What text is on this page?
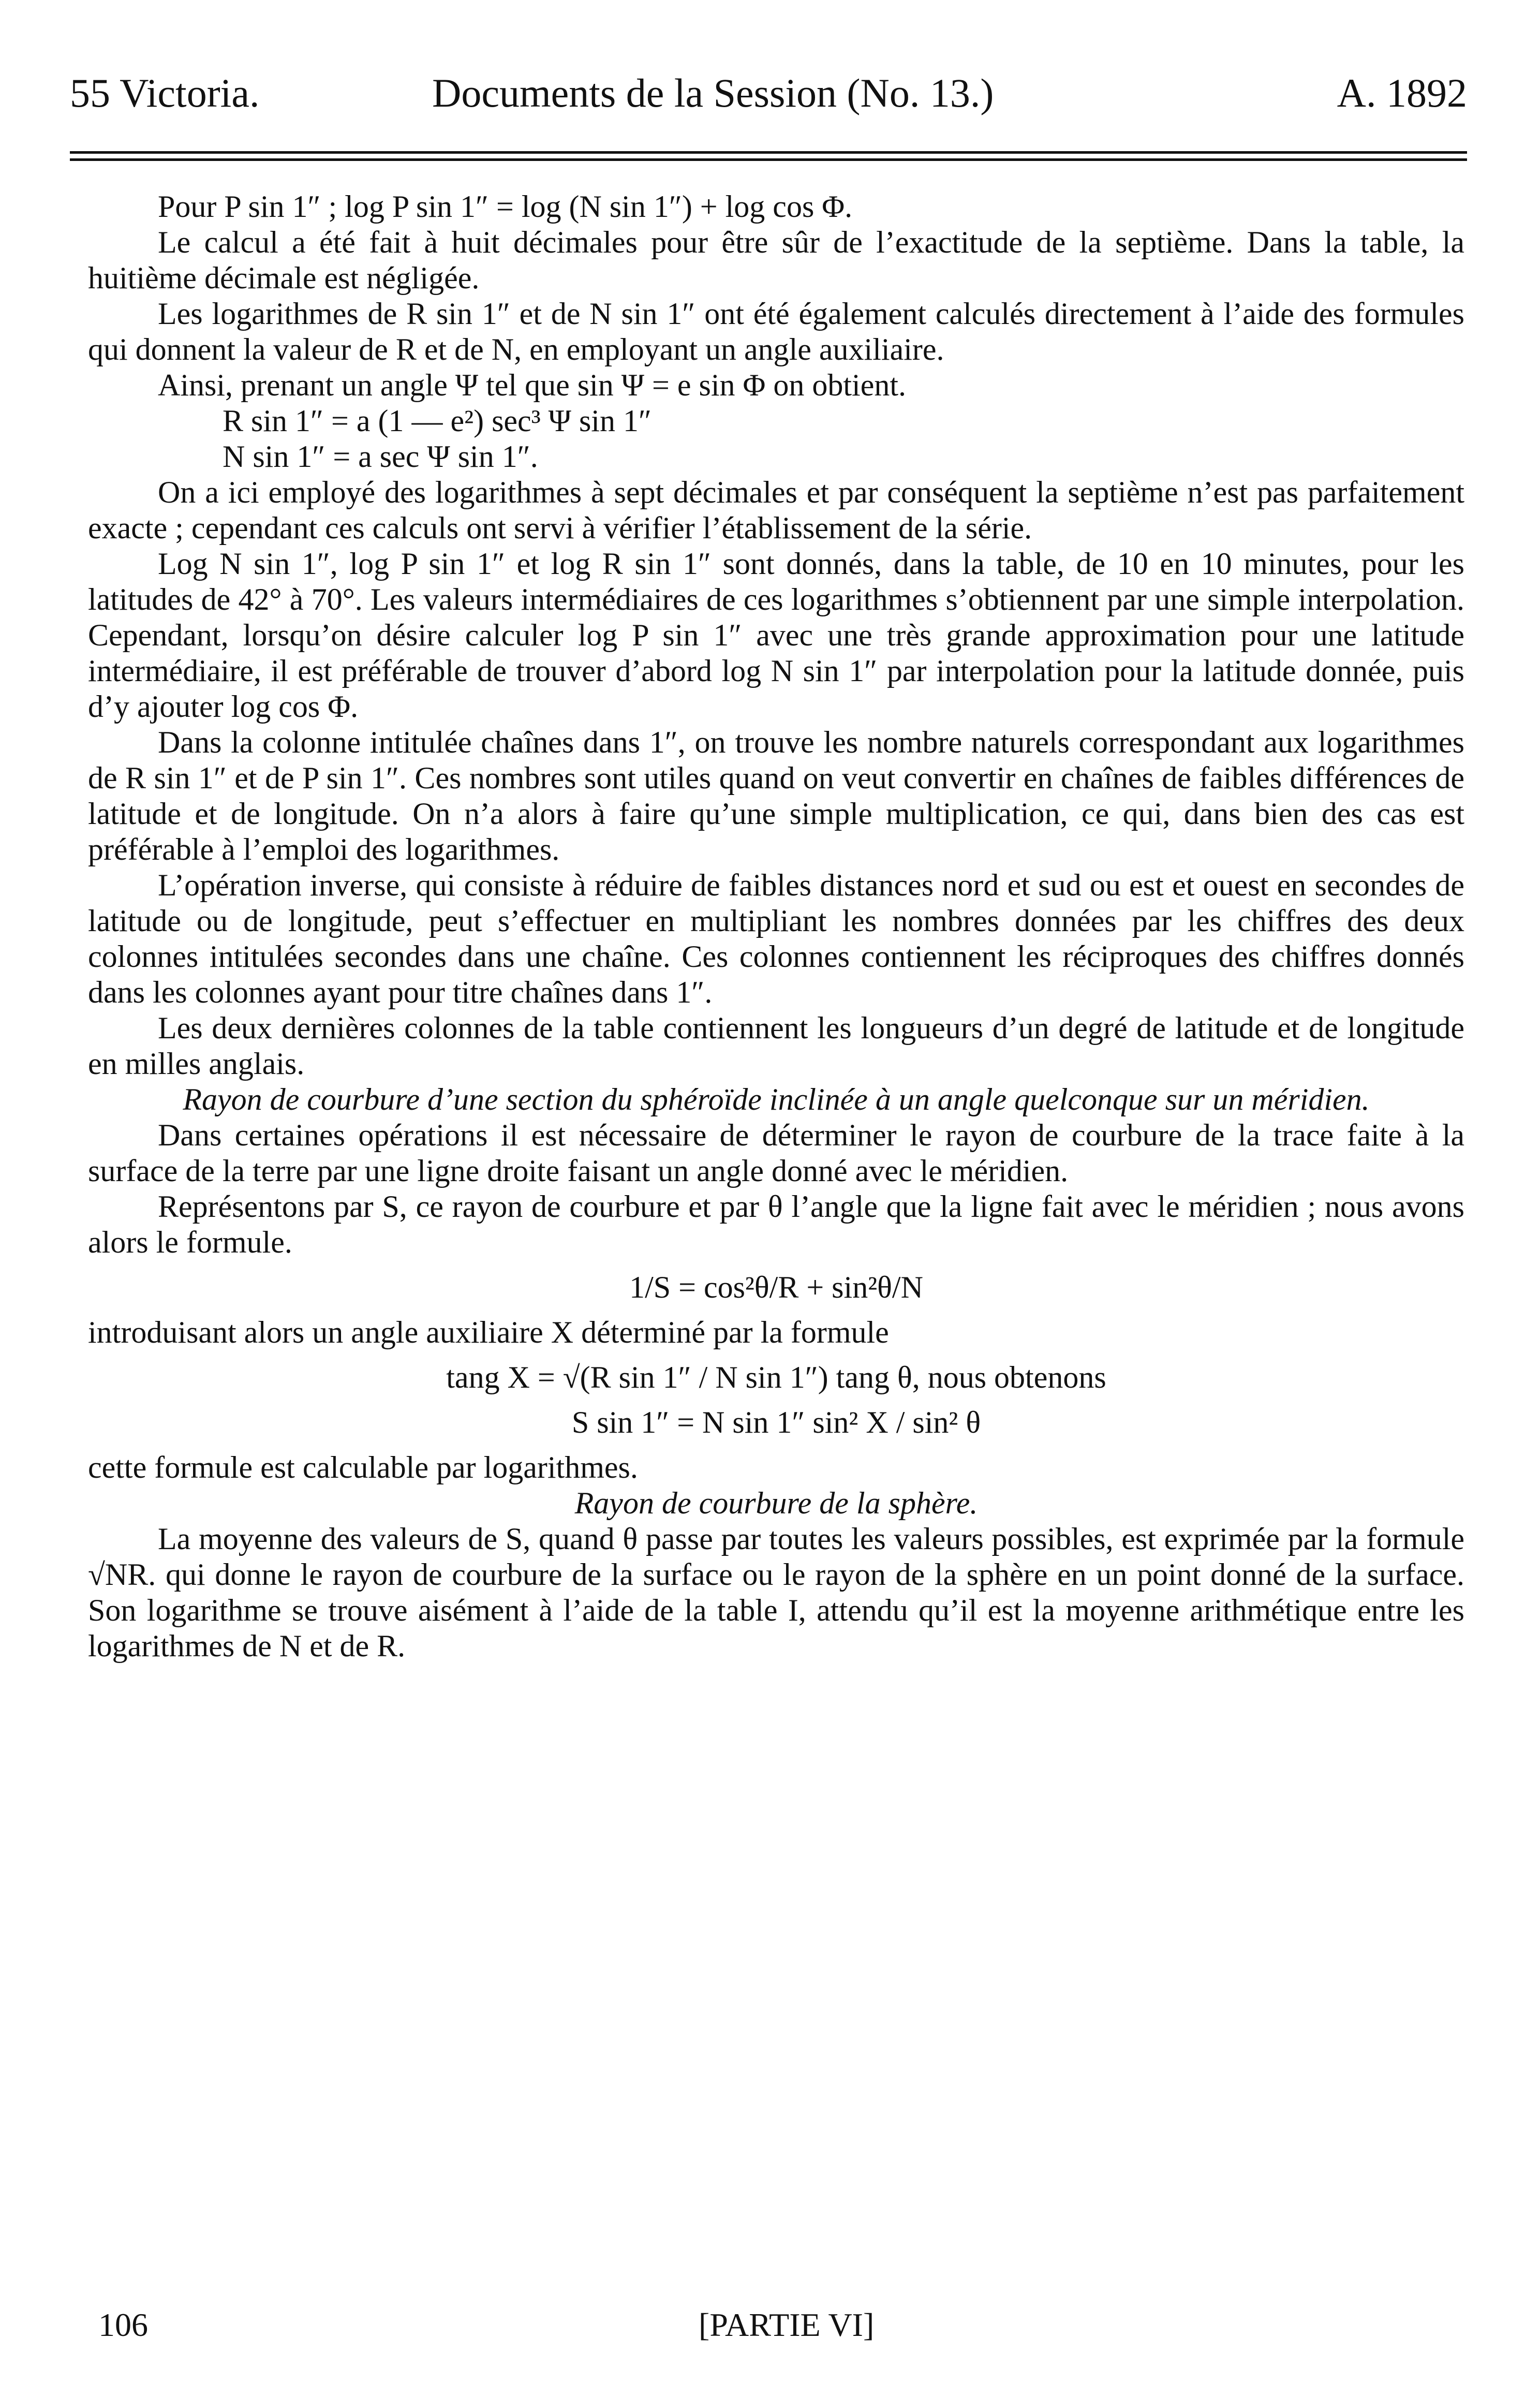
55 Victoria.	Documents de la Session (No. 13.)	A. 1892

Pour P sin 1″ ; log P sin 1″ = log (N sin 1″) + log cos Φ.

Le calcul a été fait à huit décimales pour être sûr de l’exactitude de la septième. Dans la table, la huitième décimale est négligée.

Les logarithmes de R sin 1″ et de N sin 1″ ont été également calculés directement à l’aide des formules qui donnent la valeur de R et de N, en employant un angle auxiliaire.

Ainsi, prenant un angle Ψ tel que sin Ψ = e sin Φ on obtient.

R sin 1″ = a (1 — e²) sec³ Ψ sin 1″

N sin 1″ = a sec Ψ sin 1″.

On a ici employé des logarithmes à sept décimales et par conséquent la septième n’est pas parfaitement exacte ; cependant ces calculs ont servi à vérifier l’établissement de la série.

Log N sin 1″, log P sin 1″ et log R sin 1″ sont donnés, dans la table, de 10 en 10 minutes, pour les latitudes de 42° à 70°. Les valeurs intermédiaires de ces logarithmes s’obtiennent par une simple interpolation. Cependant, lorsqu’on désire calculer log P sin 1″ avec une très grande approximation pour une latitude intermédiaire, il est préférable de trouver d’abord log N sin 1″ par interpolation pour la latitude donnée, puis d’y ajouter log cos Φ.

Dans la colonne intitulée chaînes dans 1″, on trouve les nombre naturels correspondant aux logarithmes de R sin 1″ et de P sin 1″. Ces nombres sont utiles quand on veut convertir en chaînes de faibles différences de latitude et de longitude. On n’a alors à faire qu’une simple multiplication, ce qui, dans bien des cas est préférable à l’emploi des logarithmes.

L’opération inverse, qui consiste à réduire de faibles distances nord et sud ou est et ouest en secondes de latitude ou de longitude, peut s’effectuer en multipliant les nombres données par les chiffres des deux colonnes intitulées secondes dans une chaîne. Ces colonnes contiennent les réciproques des chiffres donnés dans les colonnes ayant pour titre chaînes dans 1″.

Les deux dernières colonnes de la table contiennent les longueurs d’un degré de latitude et de longitude en milles anglais.

Rayon de courbure d’une section du sphéroïde inclinée à un angle quelconque sur un méridien.

Dans certaines opérations il est nécessaire de déterminer le rayon de courbure de la trace faite à la surface de la terre par une ligne droite faisant un angle donné avec le méridien.

Représentons par S, ce rayon de courbure et par θ l’angle que la ligne fait avec le méridien ; nous avons alors le formule.

1/S = cos²θ/R + sin²θ/N

introduisant alors un angle auxiliaire X déterminé par la formule

tang X = √(R sin 1″ / N sin 1″) tang θ, nous obtenons
S sin 1″ = N sin 1″ sin² X / sin² θ

cette formule est calculable par logarithmes.

Rayon de courbure de la sphère.

La moyenne des valeurs de S, quand θ passe par toutes les valeurs possibles, est exprimée par la formule √NR. qui donne le rayon de courbure de la surface ou le rayon de la sphère en un point donné de la surface. Son logarithme se trouve aisément à l’aide de la table I, attendu qu’il est la moyenne arithmétique entre les logarithmes de N et de R.

106	[PARTIE VI]
